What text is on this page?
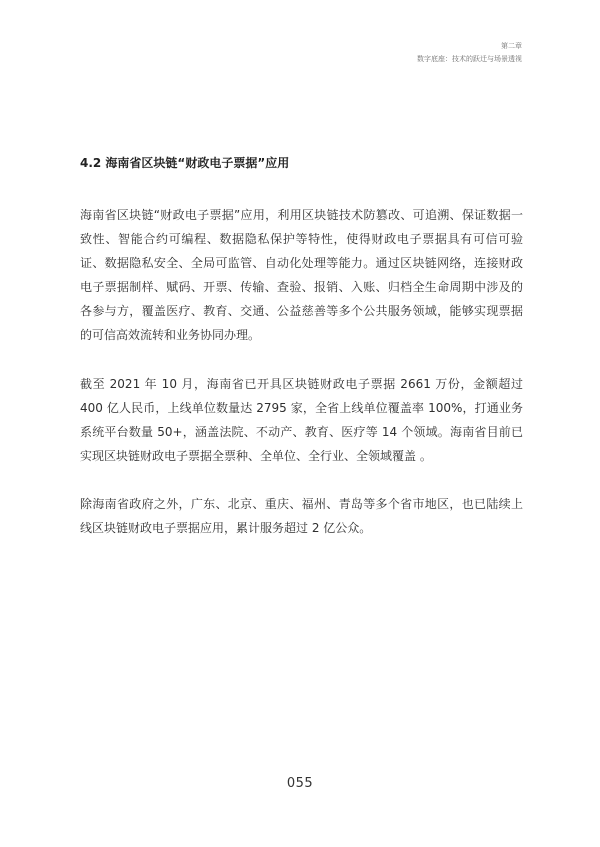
第二章
数字底座：技术的跃迁与场景透视
4.2 海南省区块链“财政电子票据”应用

海南省区块链“财政电子票据”应用，利用区块链技术防篡改、可追溯、保证数据一致性、智能合约可编程、数据隐私保护等特性，使得财政电子票据具有可信可验证、数据隐私安全、全局可监管、自动化处理等能力。通过区块链网络，连接财政电子票据制样、赋码、开票、传输、查验、报销、入账、归档全生命周期中涉及的各参与方，覆盖医疗、教育、交通、公益慈善等多个公共服务领域，能够实现票据的可信高效流转和业务协同办理。

截至 2021 年 10 月，海南省已开具区块链财政电子票据 2661 万份，金额超过 400 亿人民币，上线单位数量达 2795 家，全省上线单位覆盖率 100%，打通业务系统平台数量 50+，涵盖法院、不动产、教育、医疗等 14 个领域。海南省目前已实现区块链财政电子票据全票种、全单位、全行业、全领域覆盖 。

除海南省政府之外，广东、北京、重庆、福州、青岛等多个省市地区，也已陆续上线区块链财政电子票据应用，累计服务超过 2 亿公众。

055
